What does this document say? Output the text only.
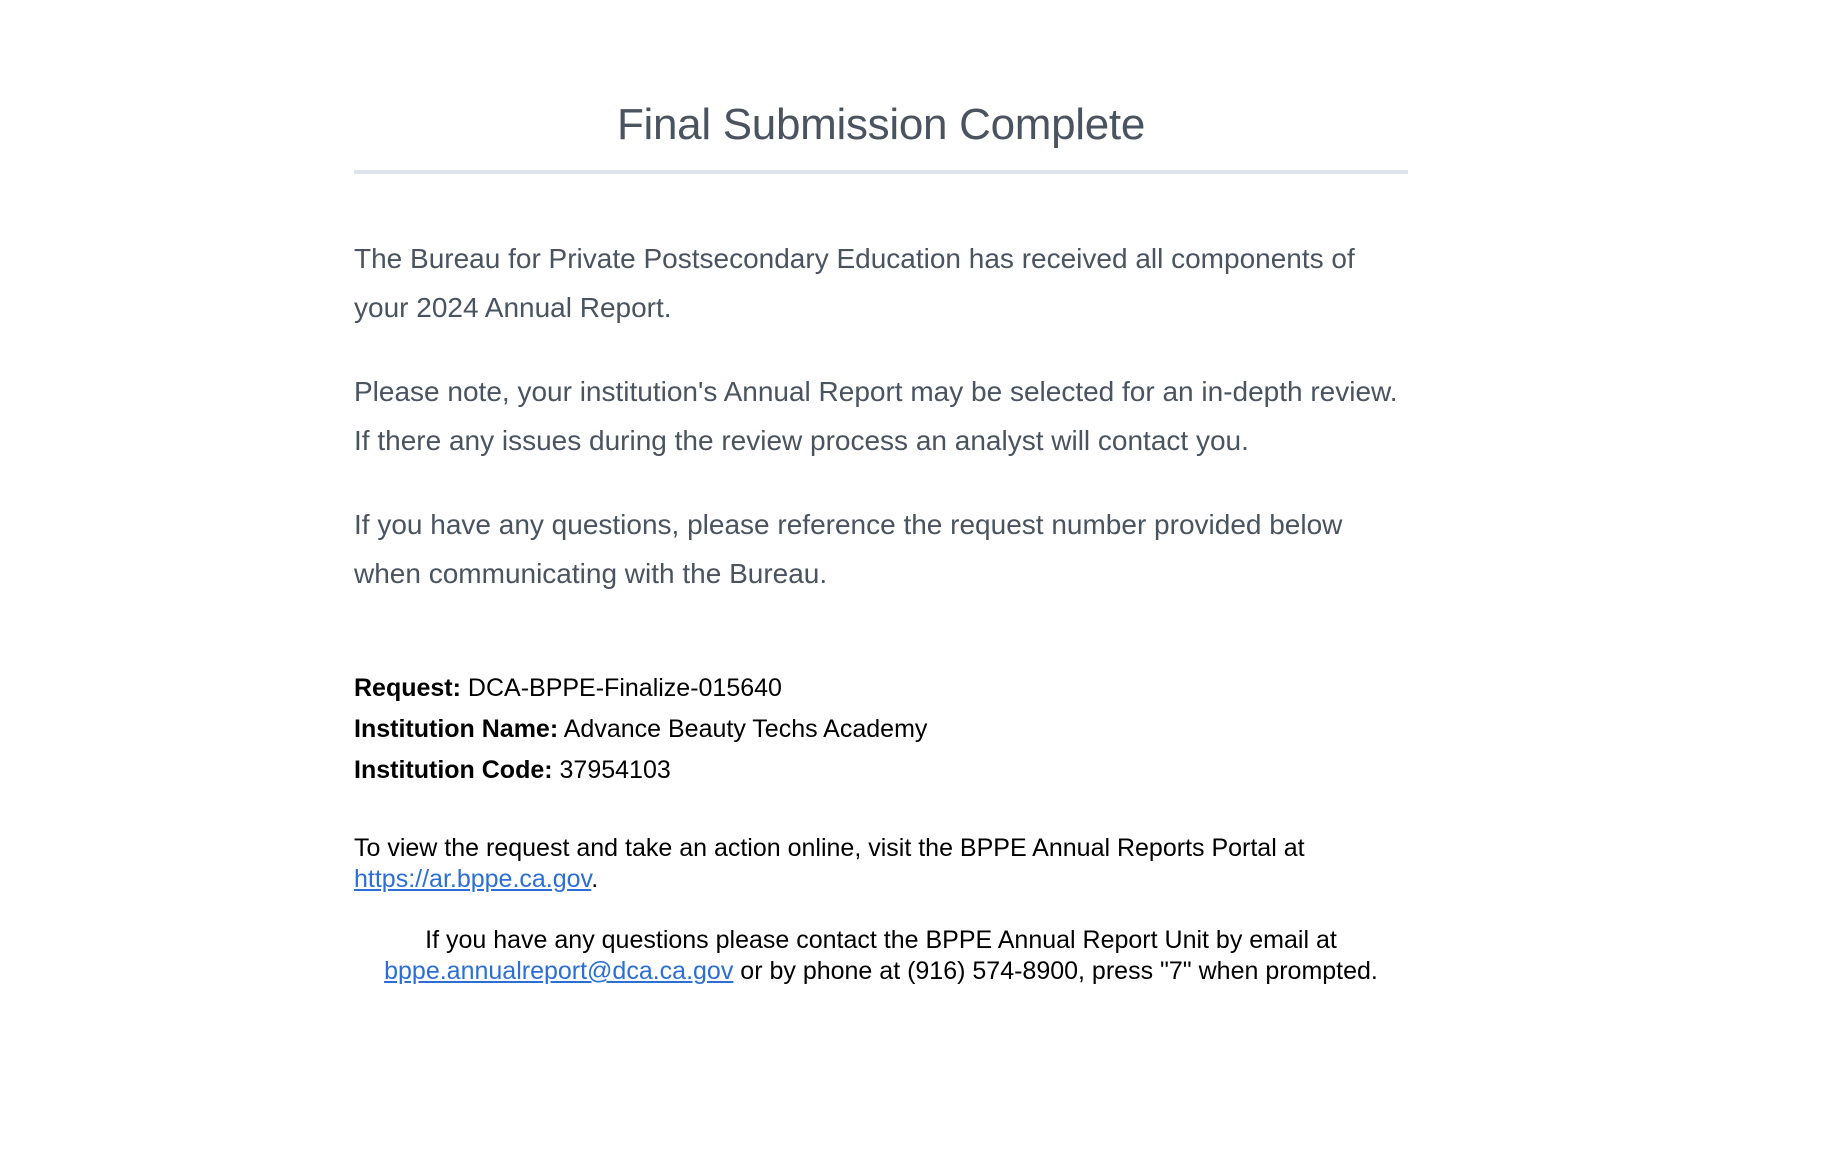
Final Submission Complete

The Bureau for Private Postsecondary Education has received all components of your 2024 Annual Report.

Please note, your institution's Annual Report may be selected for an in-depth review. If there any issues during the review process an analyst will contact you.

If you have any questions, please reference the request number provided below when communicating with the Bureau.

Request: DCA-BPPE-Finalize-015640
Institution Name: Advance Beauty Techs Academy
Institution Code: 37954103
To view the request and take an action online, visit the BPPE Annual Reports Portal at
https://ar.bppe.ca.gov.
If you have any questions please contact the BPPE Annual Report Unit by email at
bppe.annualreport@dca.ca.gov or by phone at (916) 574-8900, press "7" when prompted.
